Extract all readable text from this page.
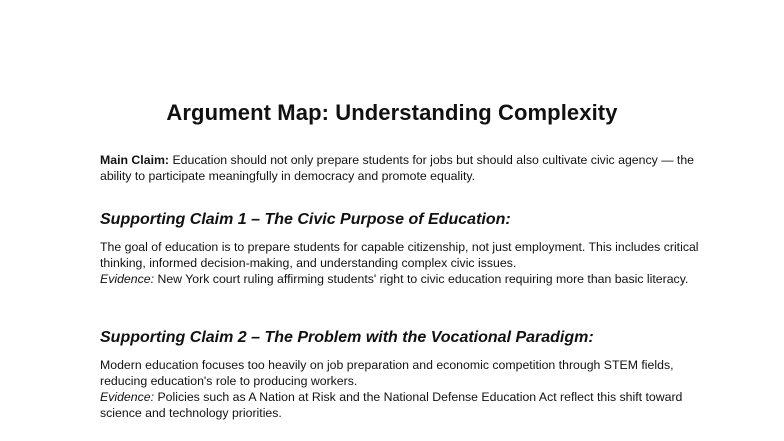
Argument Map: Understanding Complexity

Main Claim: Education should not only prepare students for jobs but should also cultivate civic agency — the ability to participate meaningfully in democracy and promote equality.

Supporting Claim 1 – The Civic Purpose of Education:

The goal of education is to prepare students for capable citizenship, not just employment. This includes critical thinking, informed decision-making, and understanding complex civic issues.
Evidence: New York court ruling affirming students' right to civic education requiring more than basic literacy.

Supporting Claim 2 – The Problem with the Vocational Paradigm:

Modern education focuses too heavily on job preparation and economic competition through STEM fields, reducing education's role to producing workers.
Evidence: Policies such as A Nation at Risk and the National Defense Education Act reflect this shift toward science and technology priorities.
